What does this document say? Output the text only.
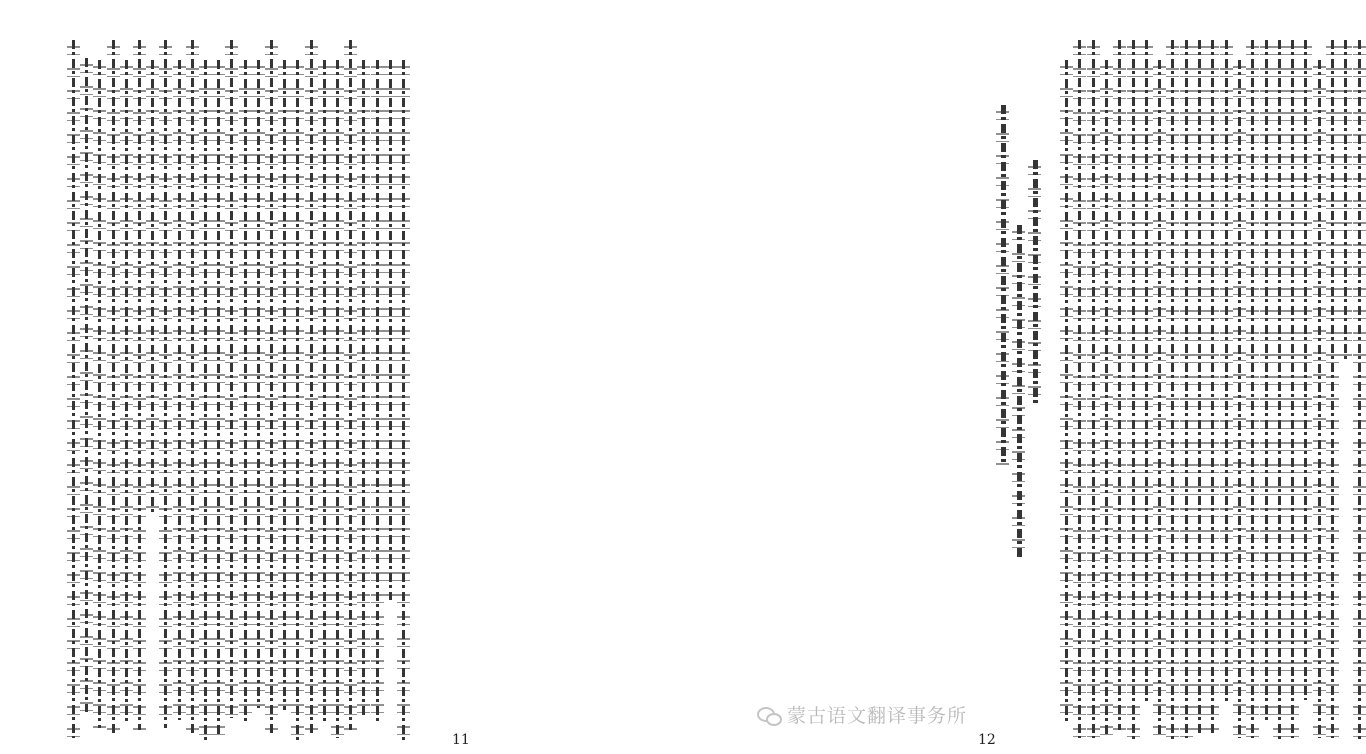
11	12
蒙古语文翻译事务所
